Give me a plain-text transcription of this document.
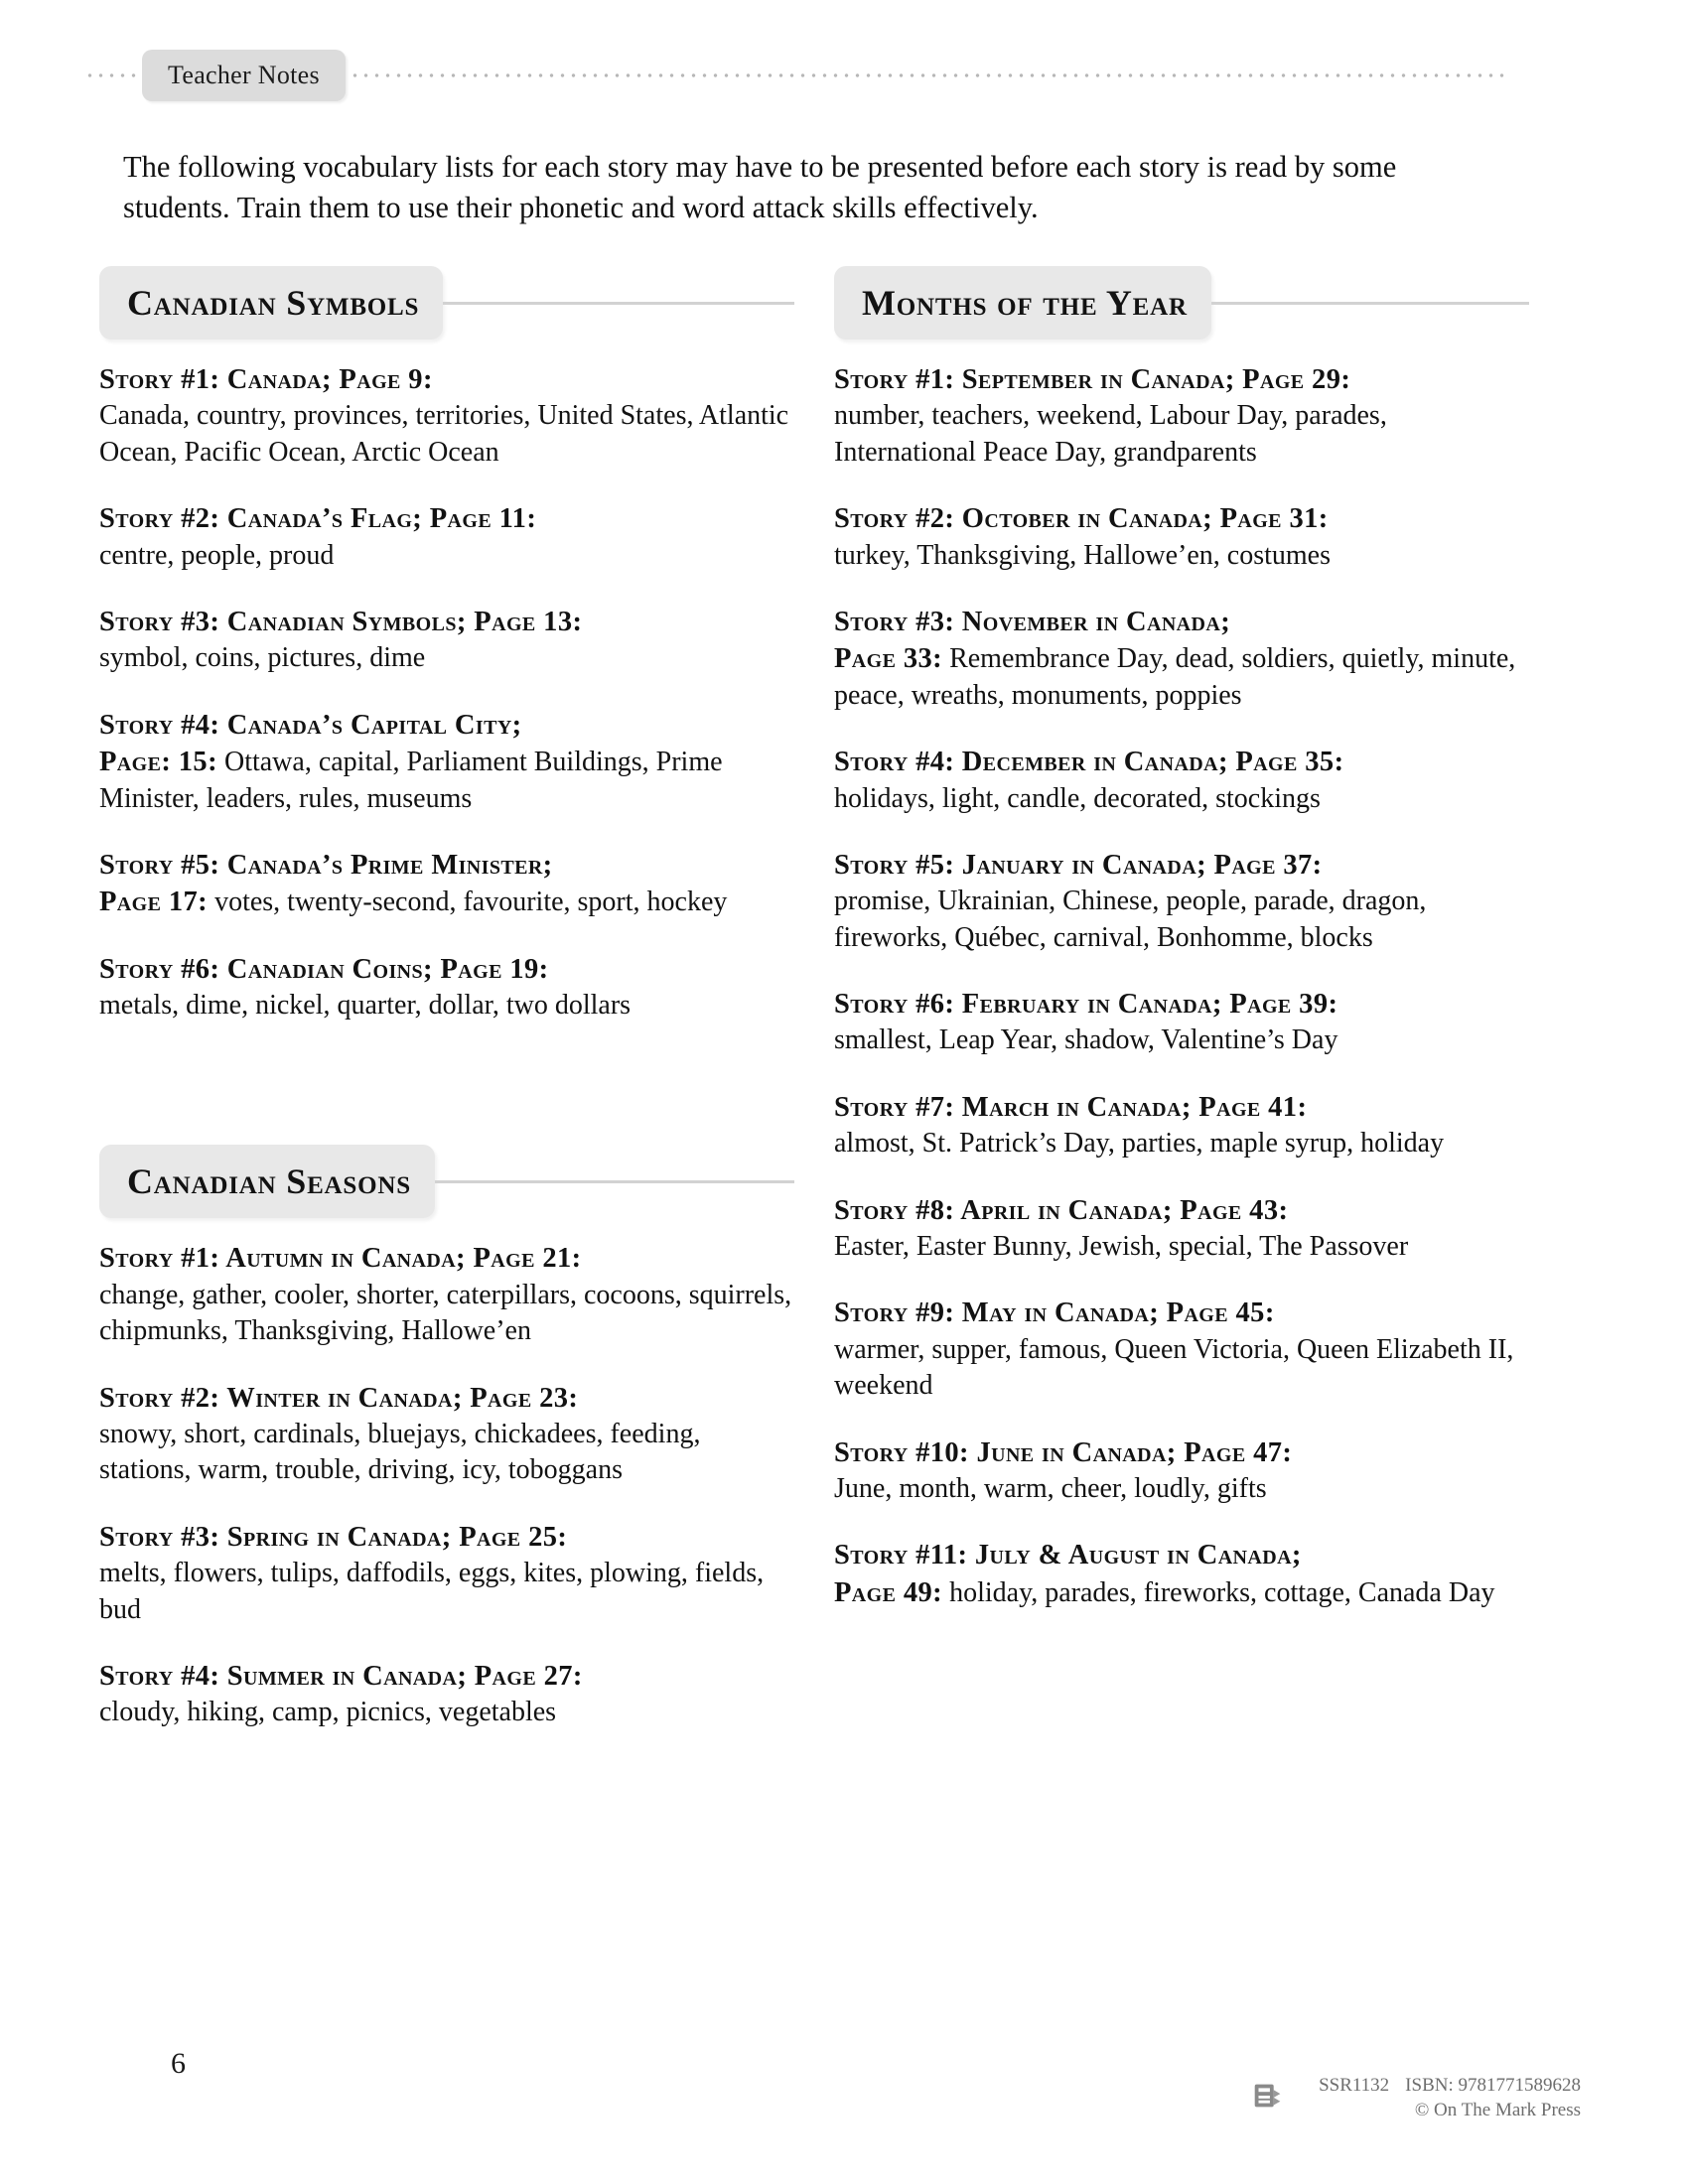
Teacher Notes
The following vocabulary lists for each story may have to be presented before each story is read by some students. Train them to use their phonetic and word attack skills effectively.
Canadian Symbols

Story #1: Canada; Page 9:
Canada, country, provinces, territories, United States, Atlantic Ocean, Pacific Ocean, Arctic Ocean

Story #2: Canada’s Flag; Page 11:
centre, people, proud

Story #3: Canadian Symbols; Page 13:
symbol, coins, pictures, dime

Story #4: Canada’s Capital City;
Page: 15: Ottawa, capital, Parliament Buildings, Prime Minister, leaders, rules, museums

Story #5: Canada’s Prime Minister;
Page 17: votes, twenty-second, favourite, sport, hockey

Story #6: Canadian Coins; Page 19:
metals, dime, nickel, quarter, dollar, two dollars

Canadian Seasons

Story #1: Autumn in Canada; Page 21:
change, gather, cooler, shorter, caterpillars, cocoons, squirrels, chipmunks, Thanksgiving, Hallowe’en

Story #2: Winter in Canada; Page 23:
snowy, short, cardinals, bluejays, chickadees, feeding, stations, warm, trouble, driving, icy, toboggans

Story #3: Spring in Canada; Page 25:
melts, flowers, tulips, daffodils, eggs, kites, plowing, fields, bud

Story #4: Summer in Canada; Page 27:
cloudy, hiking, camp, picnics, vegetables

Months of the Year

Story #1: September in Canada; Page 29:
number, teachers, weekend, Labour Day, parades, International Peace Day, grandparents

Story #2: October in Canada; Page 31:
turkey, Thanksgiving, Hallowe’en, costumes

Story #3: November in Canada;
Page 33: Remembrance Day, dead, soldiers, quietly, minute, peace, wreaths, monuments, poppies

Story #4: December in Canada; Page 35:
holidays, light, candle, decorated, stockings

Story #5: January in Canada; Page 37:
promise, Ukrainian, Chinese, people, parade, dragon, fireworks, Québec, carnival, Bonhomme, blocks

Story #6: February in Canada; Page 39:
smallest, Leap Year, shadow, Valentine’s Day

Story #7: March in Canada; Page 41:
almost, St. Patrick’s Day, parties, maple syrup, holiday

Story #8: April in Canada; Page 43:
Easter, Easter Bunny, Jewish, special, The Passover

Story #9: May in Canada; Page 45:
warmer, supper, famous, Queen Victoria, Queen Elizabeth II, weekend

Story #10: June in Canada; Page 47:
June, month, warm, cheer, loudly, gifts

Story #11: July & August in Canada;
Page 49: holiday, parades, fireworks, cottage, Canada Day

6
SSR1132 ISBN: 9781771589628
© On The Mark Press
